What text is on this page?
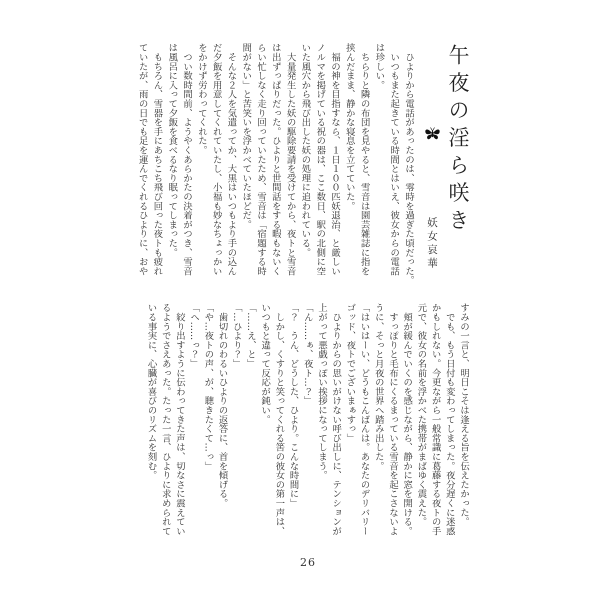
午夜の淫ら咲き
妖女哀華
　ひよりから電話があったのは、零時を過ぎた頃だった。
　いつもまた起きている時間とはいえ、彼女からの電話
は珍しい。
　ちらりと隣の布団を見やると、雪音は園芸雑誌に指を
挟んだまま、静かな寝息を立てていた。
　福の神を目指すなら、１日１００匹妖退治、と厳しい
ノルマを掲げている祝の器は、ここ数日、駅の北側に空
いた風穴から飛び出した妖の処理に追われている。
　大量発生した妖の駆除要請を受けてから、夜トと雪音
は出ずっぱりだった。ひよりと世間話をする暇もないく
らい忙しなく走り回っていたため、雪音は「宿題する時
間がない」と苦笑いを浮かべていたほどだ。
　そんな２人を気遣ってか、大黒はいつもより手の込ん
だ夕飯を用意してくれていたし、小福も妙なちょっかい
をかけず労わってくれた。
　つい数時間前、ようやくあらかたの決着がつき、雪音
は風呂に入って夕飯を食べるなり眠ってしまった。
　もちろん、雪器を手にあちこち飛び回った夜トも疲れ
ていたが、雨の日でも足を運んでくれるひよりに、おや
すみの一言と、明日こそは逢える旨を伝えたかった。
　でも、もう日付も変わってしまった。夜分遅くに迷惑
かもしれない。今更ながら一般常識に葛藤する夜トの手
元で、彼女の名前を浮かべた携帯がまばゆく震えた。
　頬が緩んでいくのを感じながら、静かに窓を開ける。
　すっぽりと毛布にくるまっている雪音を起こさないよ
うに、そっと月夜の世界へ踏み出した。
「はいはーい、どうもこんばんは。あなたのデリバリー
ゴッド、夜トでございまぁすっ」
　ひよりからの思いがけない呼び出しに、テンションが
上がって悪戯っぽい挨拶になってしまう。
「ん……ぁ、夜ト…？」
「？　うん、どうした、ひより。こんな時間に」
　しかし、くすりと笑ってくれる筈の彼女の第一声は、
いつもと違って反応が鈍い。
「……え、と」
「…ひより？」
　歯切れのわるいひよりの返答に、首を傾げる。
「や…夜トの声、が、聴きたくて…っ」
「へ……っ？」
　絞り出すように伝わってきた声は、切なさに震えてい
るようでさえあった。たった一言、ひよりに求められて
いる事実に、心臓が喜びのリズムを刻む。
26
